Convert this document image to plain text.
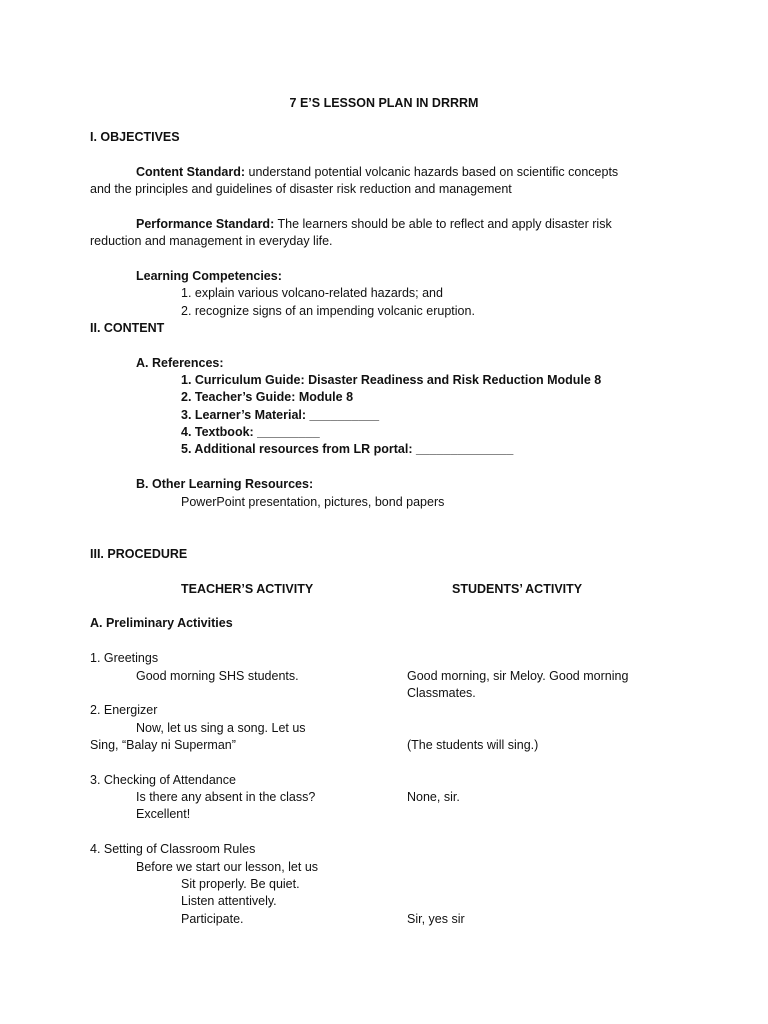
7 E’S LESSON PLAN IN DRRRM
I. OBJECTIVES
Content Standard: understand potential volcanic hazards based on scientific concepts
and the principles and guidelines of disaster risk reduction and management
Performance Standard: The learners should be able to reflect and apply disaster risk
reduction and management in everyday life.
Learning Competencies:
1. explain various volcano-related hazards; and
2. recognize signs of an impending volcanic eruption.
II. CONTENT
A. References:
1. Curriculum Guide: Disaster Readiness and Risk Reduction Module 8
2. Teacher’s Guide: Module 8
3. Learner’s Material: __________
4. Textbook: _________
5. Additional resources from LR portal: ______________
B. Other Learning Resources:
PowerPoint presentation, pictures, bond papers
III. PROCEDURE
TEACHER’S ACTIVITY	STUDENTS’ ACTIVITY
A. Preliminary Activities
1. Greetings
Good morning SHS students.	Good morning, sir Meloy. Good morning
Classmates.
2. Energizer
Now, let us sing a song. Let us
Sing, “Balay ni Superman”	(The students will sing.)
3. Checking of Attendance
Is there any absent in the class?	None, sir.
Excellent!
4. Setting of Classroom Rules
Before we start our lesson, let us
Sit properly. Be quiet.
Listen attentively.
Participate.	Sir, yes sir
